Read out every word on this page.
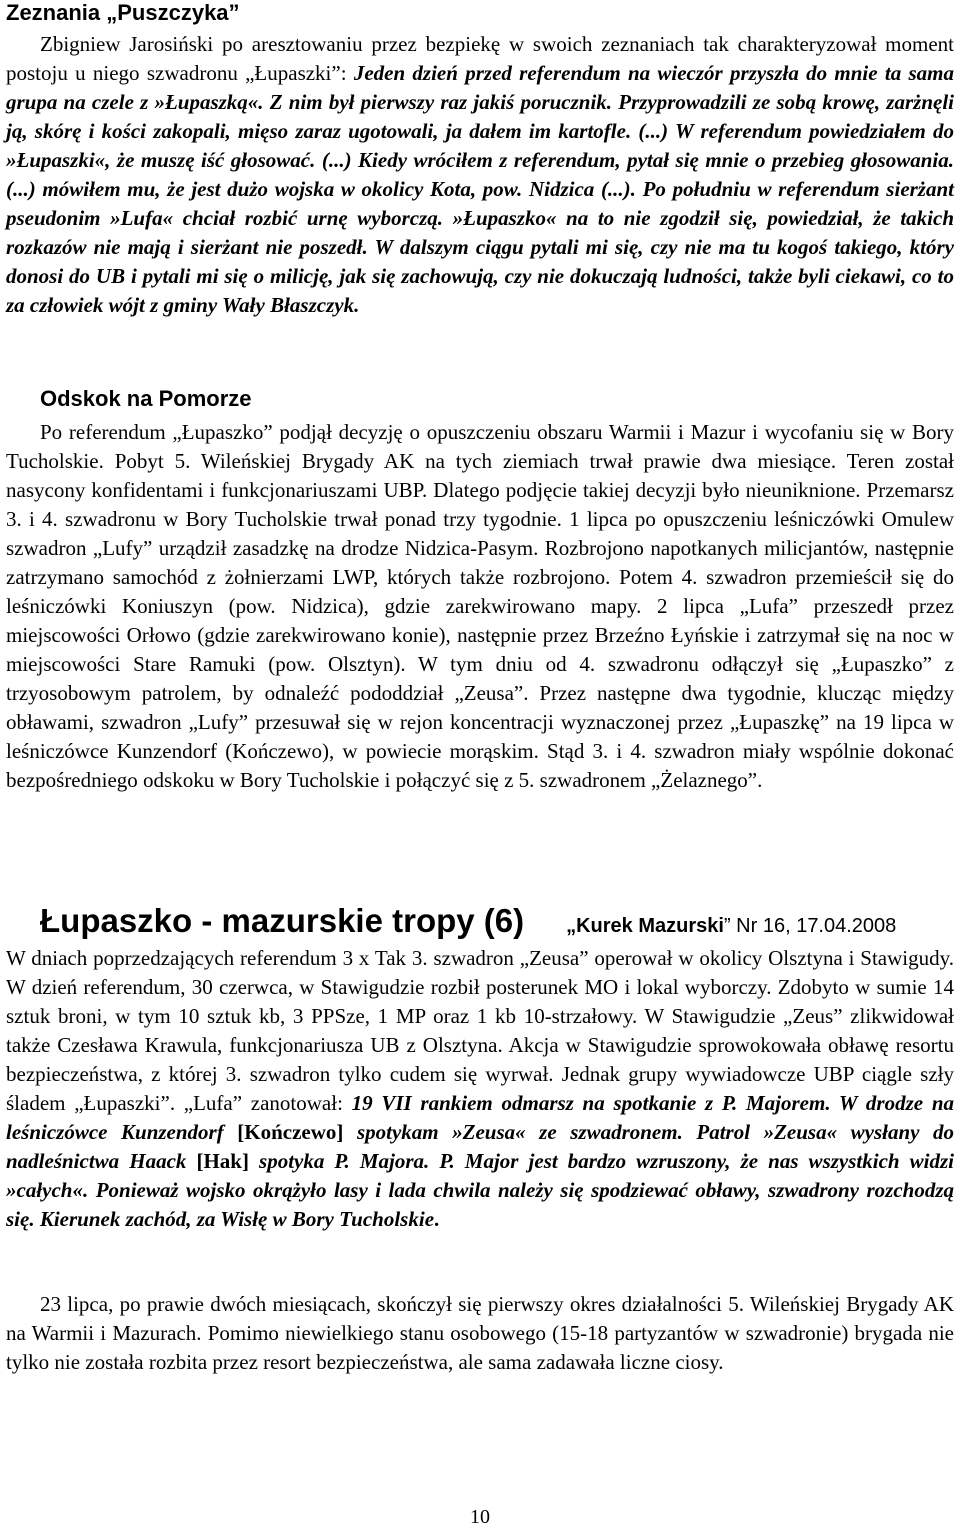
Zeznania „Puszczyka”

Zbigniew Jarosiński po aresztowaniu przez bezpiekę w swoich zeznaniach tak charakteryzował moment postoju u niego szwadronu „Łupaszki”: Jeden dzień przed referendum na wieczór przyszła do mnie ta sama grupa na czele z »Łupaszką«. Z nim był pierwszy raz jakiś porucznik. Przyprowadzili ze sobą krowę, zarżnęli ją, skórę i kości zakopali, mięso zaraz ugotowali, ja dałem im kartofle. (...) W referendum powiedziałem do »Łupaszki«, że muszę iść głosować. (...) Kiedy wróciłem z referendum, pytał się mnie o przebieg głosowania. (...) mówiłem mu, że jest dużo wojska w okolicy Kota, pow. Nidzica (...). Po południu w referendum sierżant pseudonim »Lufa« chciał rozbić urnę wyborczą. »Łupaszko« na to nie zgodził się, powiedział, że takich rozkazów nie mają i sierżant nie poszedł. W dalszym ciągu pytali mi się, czy nie ma tu kogoś takiego, który donosi do UB i pytali mi się o milicję, jak się zachowują, czy nie dokuczają ludności, także byli ciekawi, co to za człowiek wójt z gminy Wały Błaszczyk.

Odskok na Pomorze

Po referendum „Łupaszko” podjął decyzję o opuszczeniu obszaru Warmii i Mazur i wycofaniu się w Bory Tucholskie. Pobyt 5. Wileńskiej Brygady AK na tych ziemiach trwał prawie dwa miesiące. Teren został nasycony konfidentami i funkcjonariuszami UBP. Dlatego podjęcie takiej decyzji było nieuniknione. Przemarsz 3. i 4. szwadronu w Bory Tucholskie trwał ponad trzy tygodnie. 1 lipca po opuszczeniu leśniczówki Omulew szwadron „Lufy” urządził zasadzkę na drodze Nidzica-Pasym. Rozbrojono napotkanych milicjantów, następnie zatrzymano samochód z żołnierzami LWP, których także rozbrojono. Potem 4. szwadron przemieścił się do leśniczówki Koniuszyn (pow. Nidzica), gdzie zarekwirowano mapy. 2 lipca „Lufa” przeszedł przez miejscowości Orłowo (gdzie zarekwirowano konie), następnie przez Brzeźno Łyńskie i zatrzymał się na noc w miejscowości Stare Ramuki (pow. Olsztyn). W tym dniu od 4. szwadronu odłączył się „Łupaszko” z trzyosobowym patrolem, by odnaleźć pododdział „Zeusa”. Przez następne dwa tygodnie, klucząc między obławami, szwadron „Lufy” przesuwał się w rejon koncentracji wyznaczonej przez „Łupaszkę” na 19 lipca w leśniczówce Kunzendorf (Kończewo), w powiecie morąskim. Stąd 3. i 4. szwadron miały wspólnie dokonać bezpośredniego odskoku w Bory Tucholskie i połączyć się z 5. szwadronem „Żelaznego”.

Łupaszko - mazurskie tropy (6) „Kurek Mazurski” Nr 16, 17.04.2008

W dniach poprzedzających referendum 3 x Tak 3. szwadron „Zeusa” operował w okolicy Olsztyna i Stawigudy. W dzień referendum, 30 czerwca, w Stawigudzie rozbił posterunek MO i lokal wyborczy. Zdobyto w sumie 14 sztuk broni, w tym 10 sztuk kb, 3 PPSze, 1 MP oraz 1 kb 10-strzałowy. W Stawigudzie „Zeus” zlikwidował także Czesława Krawula, funkcjonariusza UB z Olsztyna. Akcja w Stawigudzie sprowokowała obławę resortu bezpieczeństwa, z której 3. szwadron tylko cudem się wyrwał. Jednak grupy wywiadowcze UBP ciągle szły śladem „Łupaszki”. „Lufa” zanotował: 19 VII rankiem odmarsz na spotkanie z P. Majorem. W drodze na leśniczówce Kunzendorf [Kończewo] spotykam »Zeusa« ze szwadronem. Patrol »Zeusa« wysłany do nadleśnictwa Haack [Hak] spotyka P. Majora. P. Major jest bardzo wzruszony, że nas wszystkich widzi »całych«. Ponieważ wojsko okrążyło lasy i lada chwila należy się spodziewać obławy, szwadrony rozchodzą się. Kierunek zachód, za Wisłę w Bory Tucholskie.

23 lipca, po prawie dwóch miesiącach, skończył się pierwszy okres działalności 5. Wileńskiej Brygady AK na Warmii i Mazurach. Pomimo niewielkiego stanu osobowego (15-18 partyzantów w szwadronie) brygada nie tylko nie została rozbita przez resort bezpieczeństwa, ale sama zadawała liczne ciosy.

10
